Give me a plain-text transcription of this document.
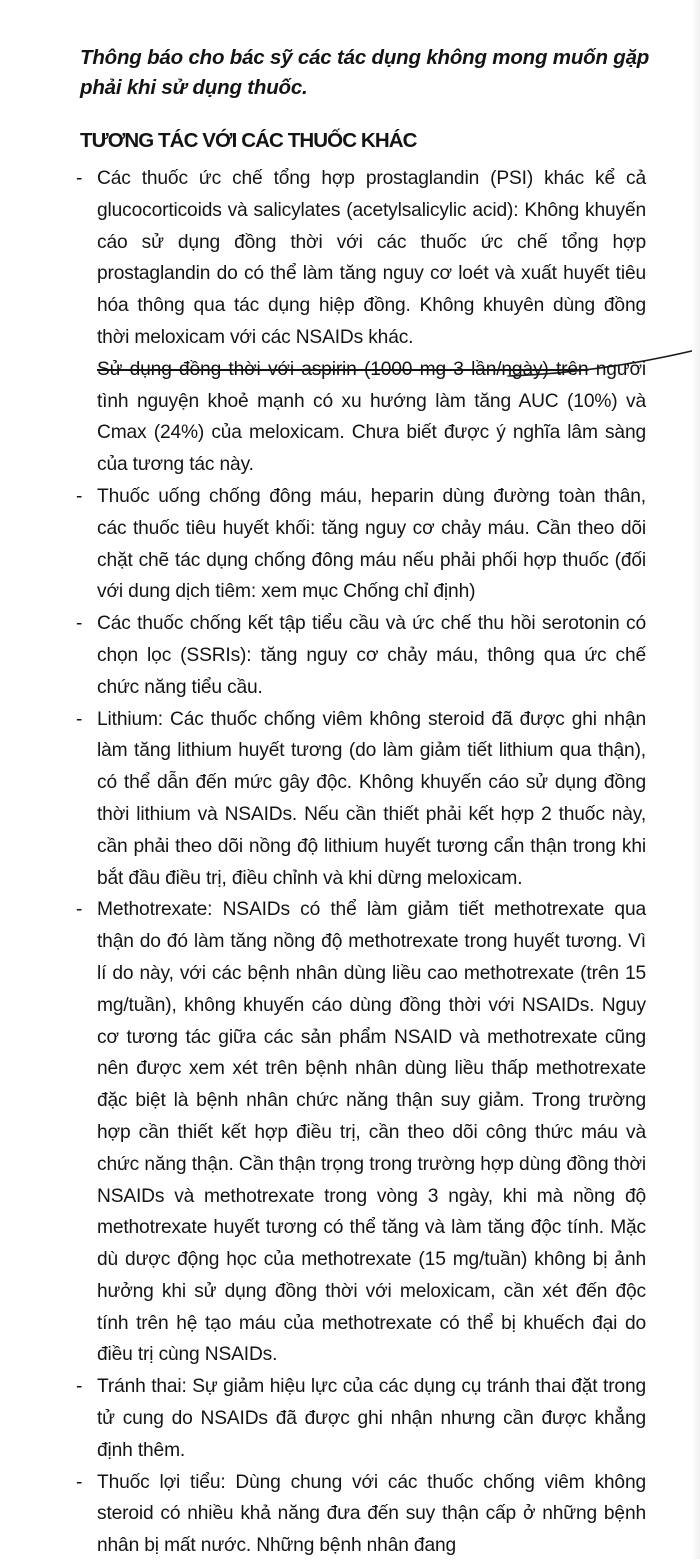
Thông báo cho bác sỹ các tác dụng không mong muốn gặp phải khi sử dụng thuốc.

TƯƠNG TÁC VỚI CÁC THUỐC KHÁC
- Các thuốc ức chế tổng hợp prostaglandin (PSI) khác kể cả glucocorticoids và salicylates (acetylsalicylic acid): Không khuyến cáo sử dụng đồng thời với các thuốc ức chế tổng hợp prostaglandin do có thể làm tăng nguy cơ loét và xuất huyết tiêu hóa thông qua tác dụng hiệp đồng. Không khuyên dùng đồng thời meloxicam với các NSAIDs khác.
Sử dụng đồng thời với aspirin (1000 mg 3 lần/ngày) trên người tình nguyện khoẻ mạnh có xu hướng làm tăng AUC (10%) và Cmax (24%) của meloxicam. Chưa biết được ý nghĩa lâm sàng của tương tác này.
- Thuốc uống chống đông máu, heparin dùng đường toàn thân, các thuốc tiêu huyết khối: tăng nguy cơ chảy máu. Cần theo dõi chặt chẽ tác dụng chống đông máu nếu phải phối hợp thuốc (đối với dung dịch tiêm: xem mục Chống chỉ định)
- Các thuốc chống kết tập tiểu cầu và ức chế thu hồi serotonin có chọn lọc (SSRIs): tăng nguy cơ chảy máu, thông qua ức chế chức năng tiểu cầu.
- Lithium: Các thuốc chống viêm không steroid đã được ghi nhận làm tăng lithium huyết tương (do làm giảm tiết lithium qua thận), có thể dẫn đến mức gây độc. Không khuyến cáo sử dụng đồng thời lithium và NSAIDs. Nếu cần thiết phải kết hợp 2 thuốc này, cần phải theo dõi nồng độ lithium huyết tương cẩn thận trong khi bắt đầu điều trị, điều chỉnh và khi dừng meloxicam.
- Methotrexate: NSAIDs có thể làm giảm tiết methotrexate qua thận do đó làm tăng nồng độ methotrexate trong huyết tương. Vì lí do này, với các bệnh nhân dùng liều cao methotrexate (trên 15 mg/tuần), không khuyến cáo dùng đồng thời với NSAIDs. Nguy cơ tương tác giữa các sản phẩm NSAID và methotrexate cũng nên được xem xét trên bệnh nhân dùng liều thấp methotrexate đặc biệt là bệnh nhân chức năng thận suy giảm. Trong trường hợp cần thiết kết hợp điều trị, cần theo dõi công thức máu và chức năng thận. Cần thận trọng trong trường hợp dùng đồng thời NSAIDs và methotrexate trong vòng 3 ngày, khi mà nồng độ methotrexate huyết tương có thể tăng và làm tăng độc tính. Mặc dù dược động học của methotrexate (15 mg/tuần) không bị ảnh hưởng khi sử dụng đồng thời với meloxicam, cần xét đến độc tính trên hệ tạo máu của methotrexate có thể bị khuếch đại do điều trị cùng NSAIDs.
- Tránh thai: Sự giảm hiệu lực của các dụng cụ tránh thai đặt trong tử cung do NSAIDs đã được ghi nhận nhưng cần được khẳng định thêm.
- Thuốc lợi tiểu: Dùng chung với các thuốc chống viêm không steroid có nhiều khả năng đưa đến suy thận cấp ở những bệnh nhân bị mất nước. Những bệnh nhân đang
